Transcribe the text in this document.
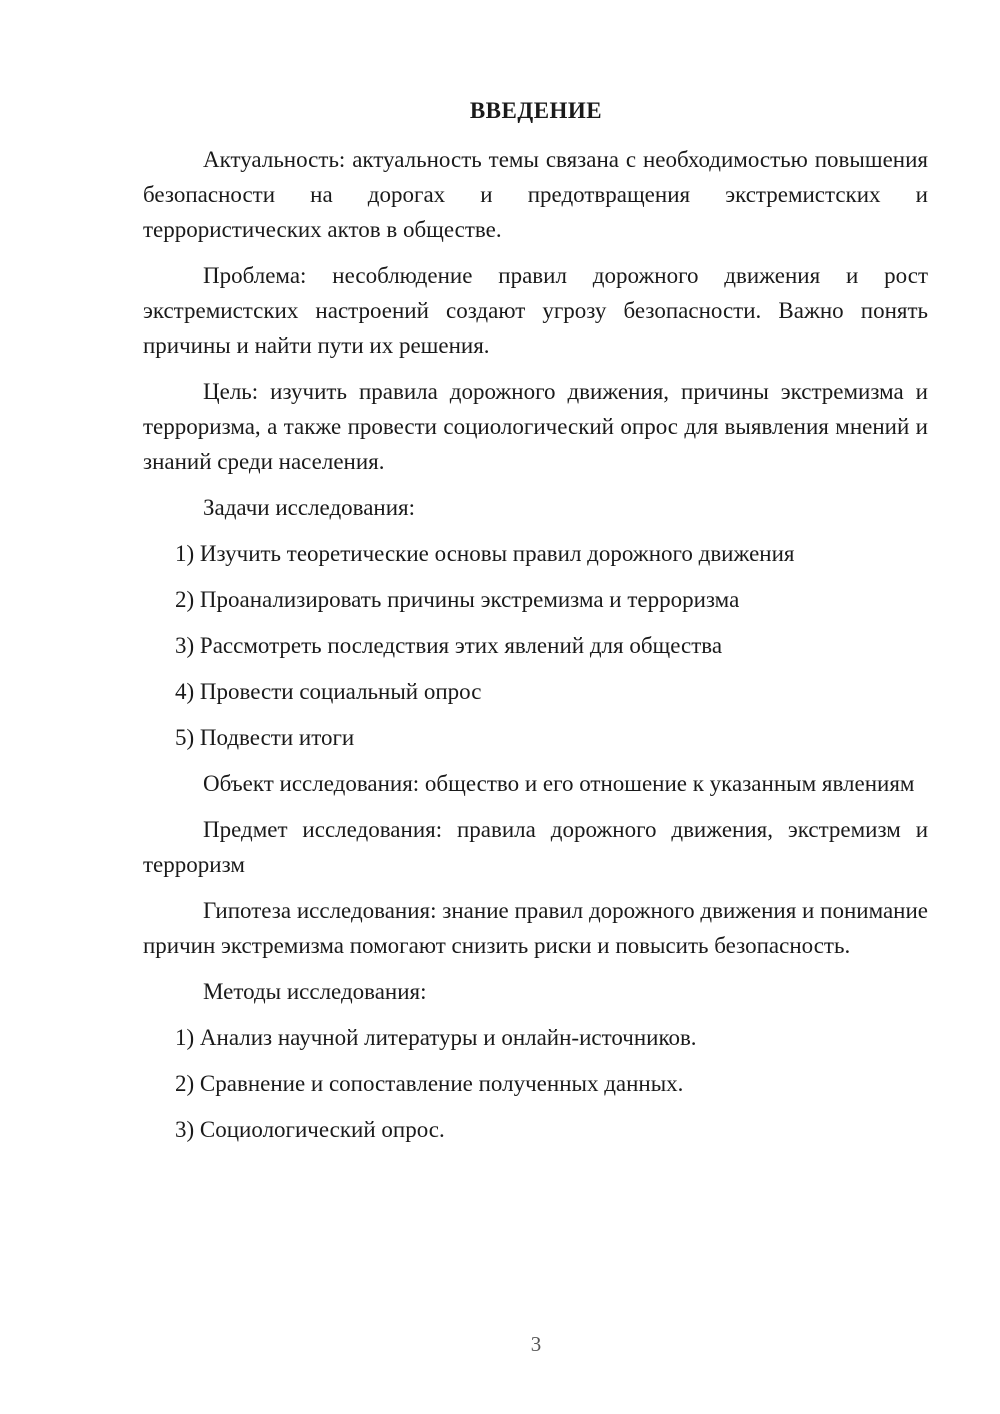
ВВЕДЕНИЕ

Актуальность: актуальность темы связана с необходимостью повышения безопасности на дорогах и предотвращения экстремистских и террористических актов в обществе.

Проблема: несоблюдение правил дорожного движения и рост экстремистских настроений создают угрозу безопасности. Важно понять причины и найти пути их решения.

Цель: изучить правила дорожного движения, причины экстремизма и терроризма, а также провести социологический опрос для выявления мнений и знаний среди населения.

Задачи исследования:
1) Изучить теоретические основы правил дорожного движения
2) Проанализировать причины экстремизма и терроризма
3) Рассмотреть последствия этих явлений для общества
4) Провести социальный опрос
5) Подвести итоги

Объект исследования: общество и его отношение к указанным явлениям

Предмет исследования: правила дорожного движения, экстремизм и терроризм

Гипотеза исследования: знание правил дорожного движения и понимание причин экстремизма помогают снизить риски и повысить безопасность.

Методы исследования:
1) Анализ научной литературы и онлайн-источников.
2) Сравнение и сопоставление полученных данных.
3) Социологический опрос.
3
